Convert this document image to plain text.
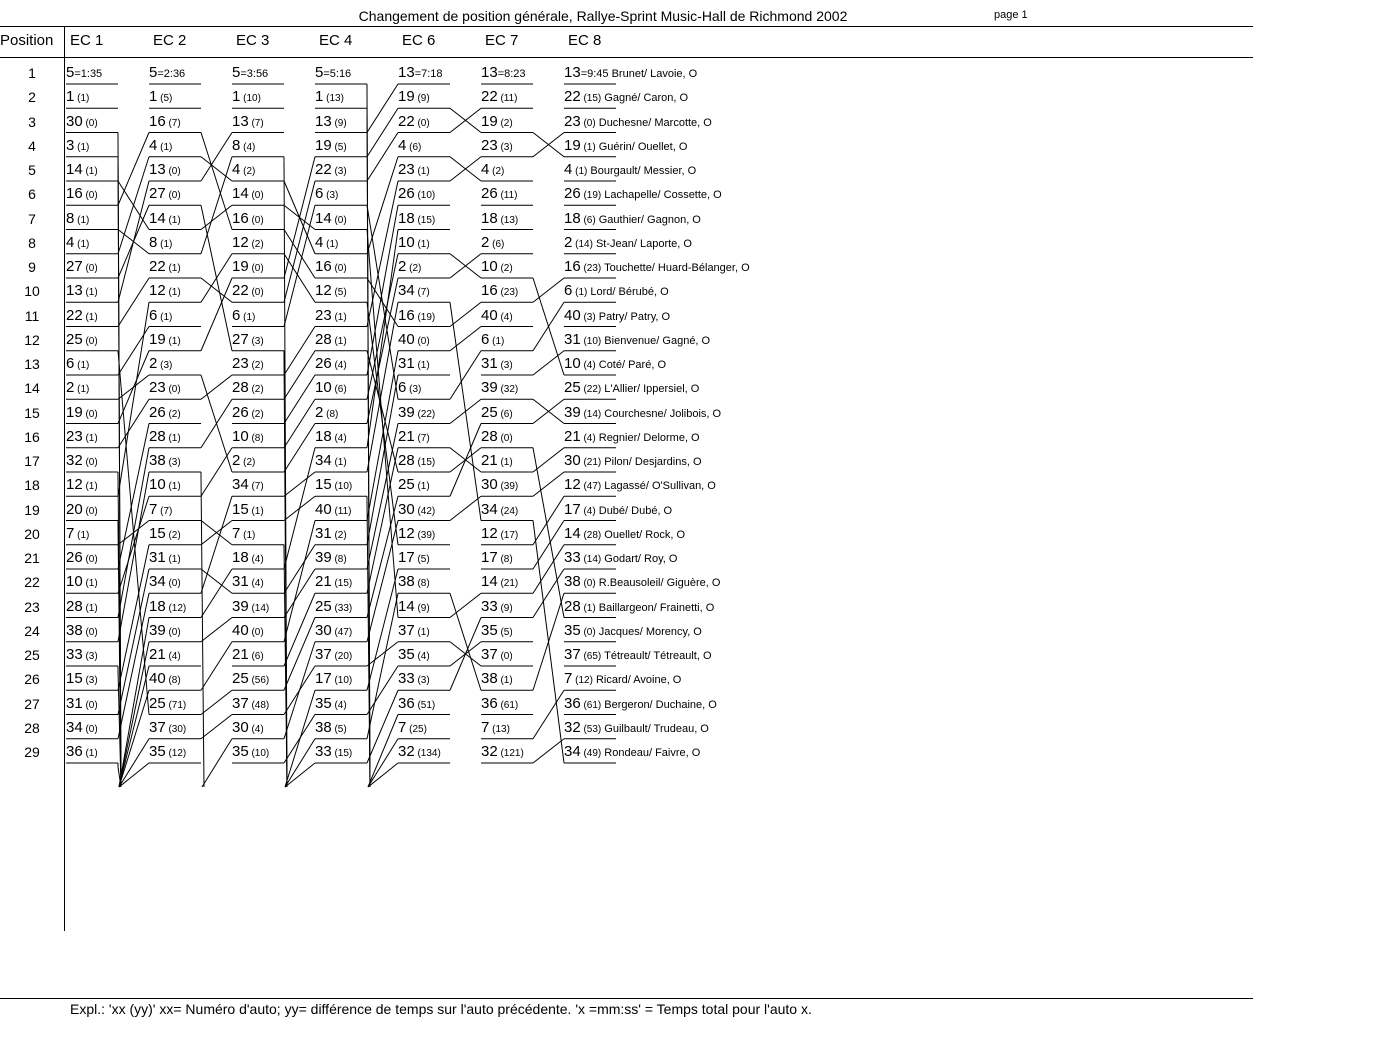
Changement de position générale, Rallye-Sprint Music-Hall de Richmond 2002	page 1
Position
1
2
3
4
5
6
7
8
9
10
11
12
13
14
15
16
17
18
19
20
21
22
23
24
25
26
27
28
29
EC 1
5=1:35
1 (1)
30 (0)
3 (1)
14 (1)
16 (0)
8 (1)
4 (1)
27 (0)
13 (1)
22 (1)
25 (0)
6 (1)
2 (1)
19 (0)
23 (1)
32 (0)
12 (1)
20 (0)
7 (1)
26 (0)
10 (1)
28 (1)
38 (0)
33 (3)
15 (3)
31 (0)
34 (0)
36 (1)
EC 2
5=2:36
1 (5)
16 (7)
4 (1)
13 (0)
27 (0)
14 (1)
8 (1)
22 (1)
12 (1)
6 (1)
19 (1)
2 (3)
23 (0)
26 (2)
28 (1)
38 (3)
10 (1)
7 (7)
15 (2)
31 (1)
34 (0)
18 (12)
39 (0)
21 (4)
40 (8)
25 (71)
37 (30)
35 (12)
EC 3
5=3:56
1 (10)
13 (7)
8 (4)
4 (2)
14 (0)
16 (0)
12 (2)
19 (0)
22 (0)
6 (1)
27 (3)
23 (2)
28 (2)
26 (2)
10 (8)
2 (2)
34 (7)
15 (1)
7 (1)
18 (4)
31 (4)
39 (14)
40 (0)
21 (6)
25 (56)
37 (48)
30 (4)
35 (10)
EC 4
5=5:16
1 (13)
13 (9)
19 (5)
22 (3)
6 (3)
14 (0)
4 (1)
16 (0)
12 (5)
23 (1)
28 (1)
26 (4)
10 (6)
2 (8)
18 (4)
34 (1)
15 (10)
40 (11)
31 (2)
39 (8)
21 (15)
25 (33)
30 (47)
37 (20)
17 (10)
35 (4)
38 (5)
33 (15)
EC 6
13=7:18
19 (9)
22 (0)
4 (6)
23 (1)
26 (10)
18 (15)
10 (1)
2 (2)
34 (7)
16 (19)
40 (0)
31 (1)
6 (3)
39 (22)
21 (7)
28 (15)
25 (1)
30 (42)
12 (39)
17 (5)
38 (8)
14 (9)
37 (1)
35 (4)
33 (3)
36 (51)
7 (25)
32 (134)
EC 7
13=8:23
22 (11)
19 (2)
23 (3)
4 (2)
26 (11)
18 (13)
2 (6)
10 (2)
16 (23)
40 (4)
6 (1)
31 (3)
39 (32)
25 (6)
28 (0)
21 (1)
30 (39)
34 (24)
12 (17)
17 (8)
14 (21)
33 (9)
35 (5)
37 (0)
38 (1)
36 (61)
7 (13)
32 (121)
EC 8
13=9:45 Brunet/ Lavoie, O
22 (15) Gagné/ Caron, O
23 (0) Duchesne/ Marcotte, O
19 (1) Guérin/ Ouellet, O
4 (1) Bourgault/ Messier, O
26 (19) Lachapelle/ Cossette, O
18 (6) Gauthier/ Gagnon, O
2 (14) St-Jean/ Laporte, O
16 (23) Touchette/ Huard-Bélanger, O
6 (1) Lord/ Bérubé, O
40 (3) Patry/ Patry, O
31 (10) Bienvenue/ Gagné, O
10 (4) Coté/ Paré, O
25 (22) L'Allier/ Ippersiel, O
39 (14) Courchesne/ Jolibois, O
21 (4) Regnier/ Delorme, O
30 (21) Pilon/ Desjardins, O
12 (47) Lagassé/ O'Sullivan, O
17 (4) Dubé/ Dubé, O
14 (28) Ouellet/ Rock, O
33 (14) Godart/ Roy, O
38 (0) R.Beausoleil/ Giguère, O
28 (1) Baillargeon/ Frainetti, O
35 (0) Jacques/ Morency, O
37 (65) Tétreault/ Tétreault, O
7 (12) Ricard/ Avoine, O
36 (61) Bergeron/ Duchaine, O
32 (53) Guilbault/ Trudeau, O
34 (49) Rondeau/ Faivre, O
Expl.: 'xx (yy)' xx= Numéro d'auto; yy= différence de temps sur l'auto précédente. 'x =mm:ss' = Temps total pour l'auto x.
